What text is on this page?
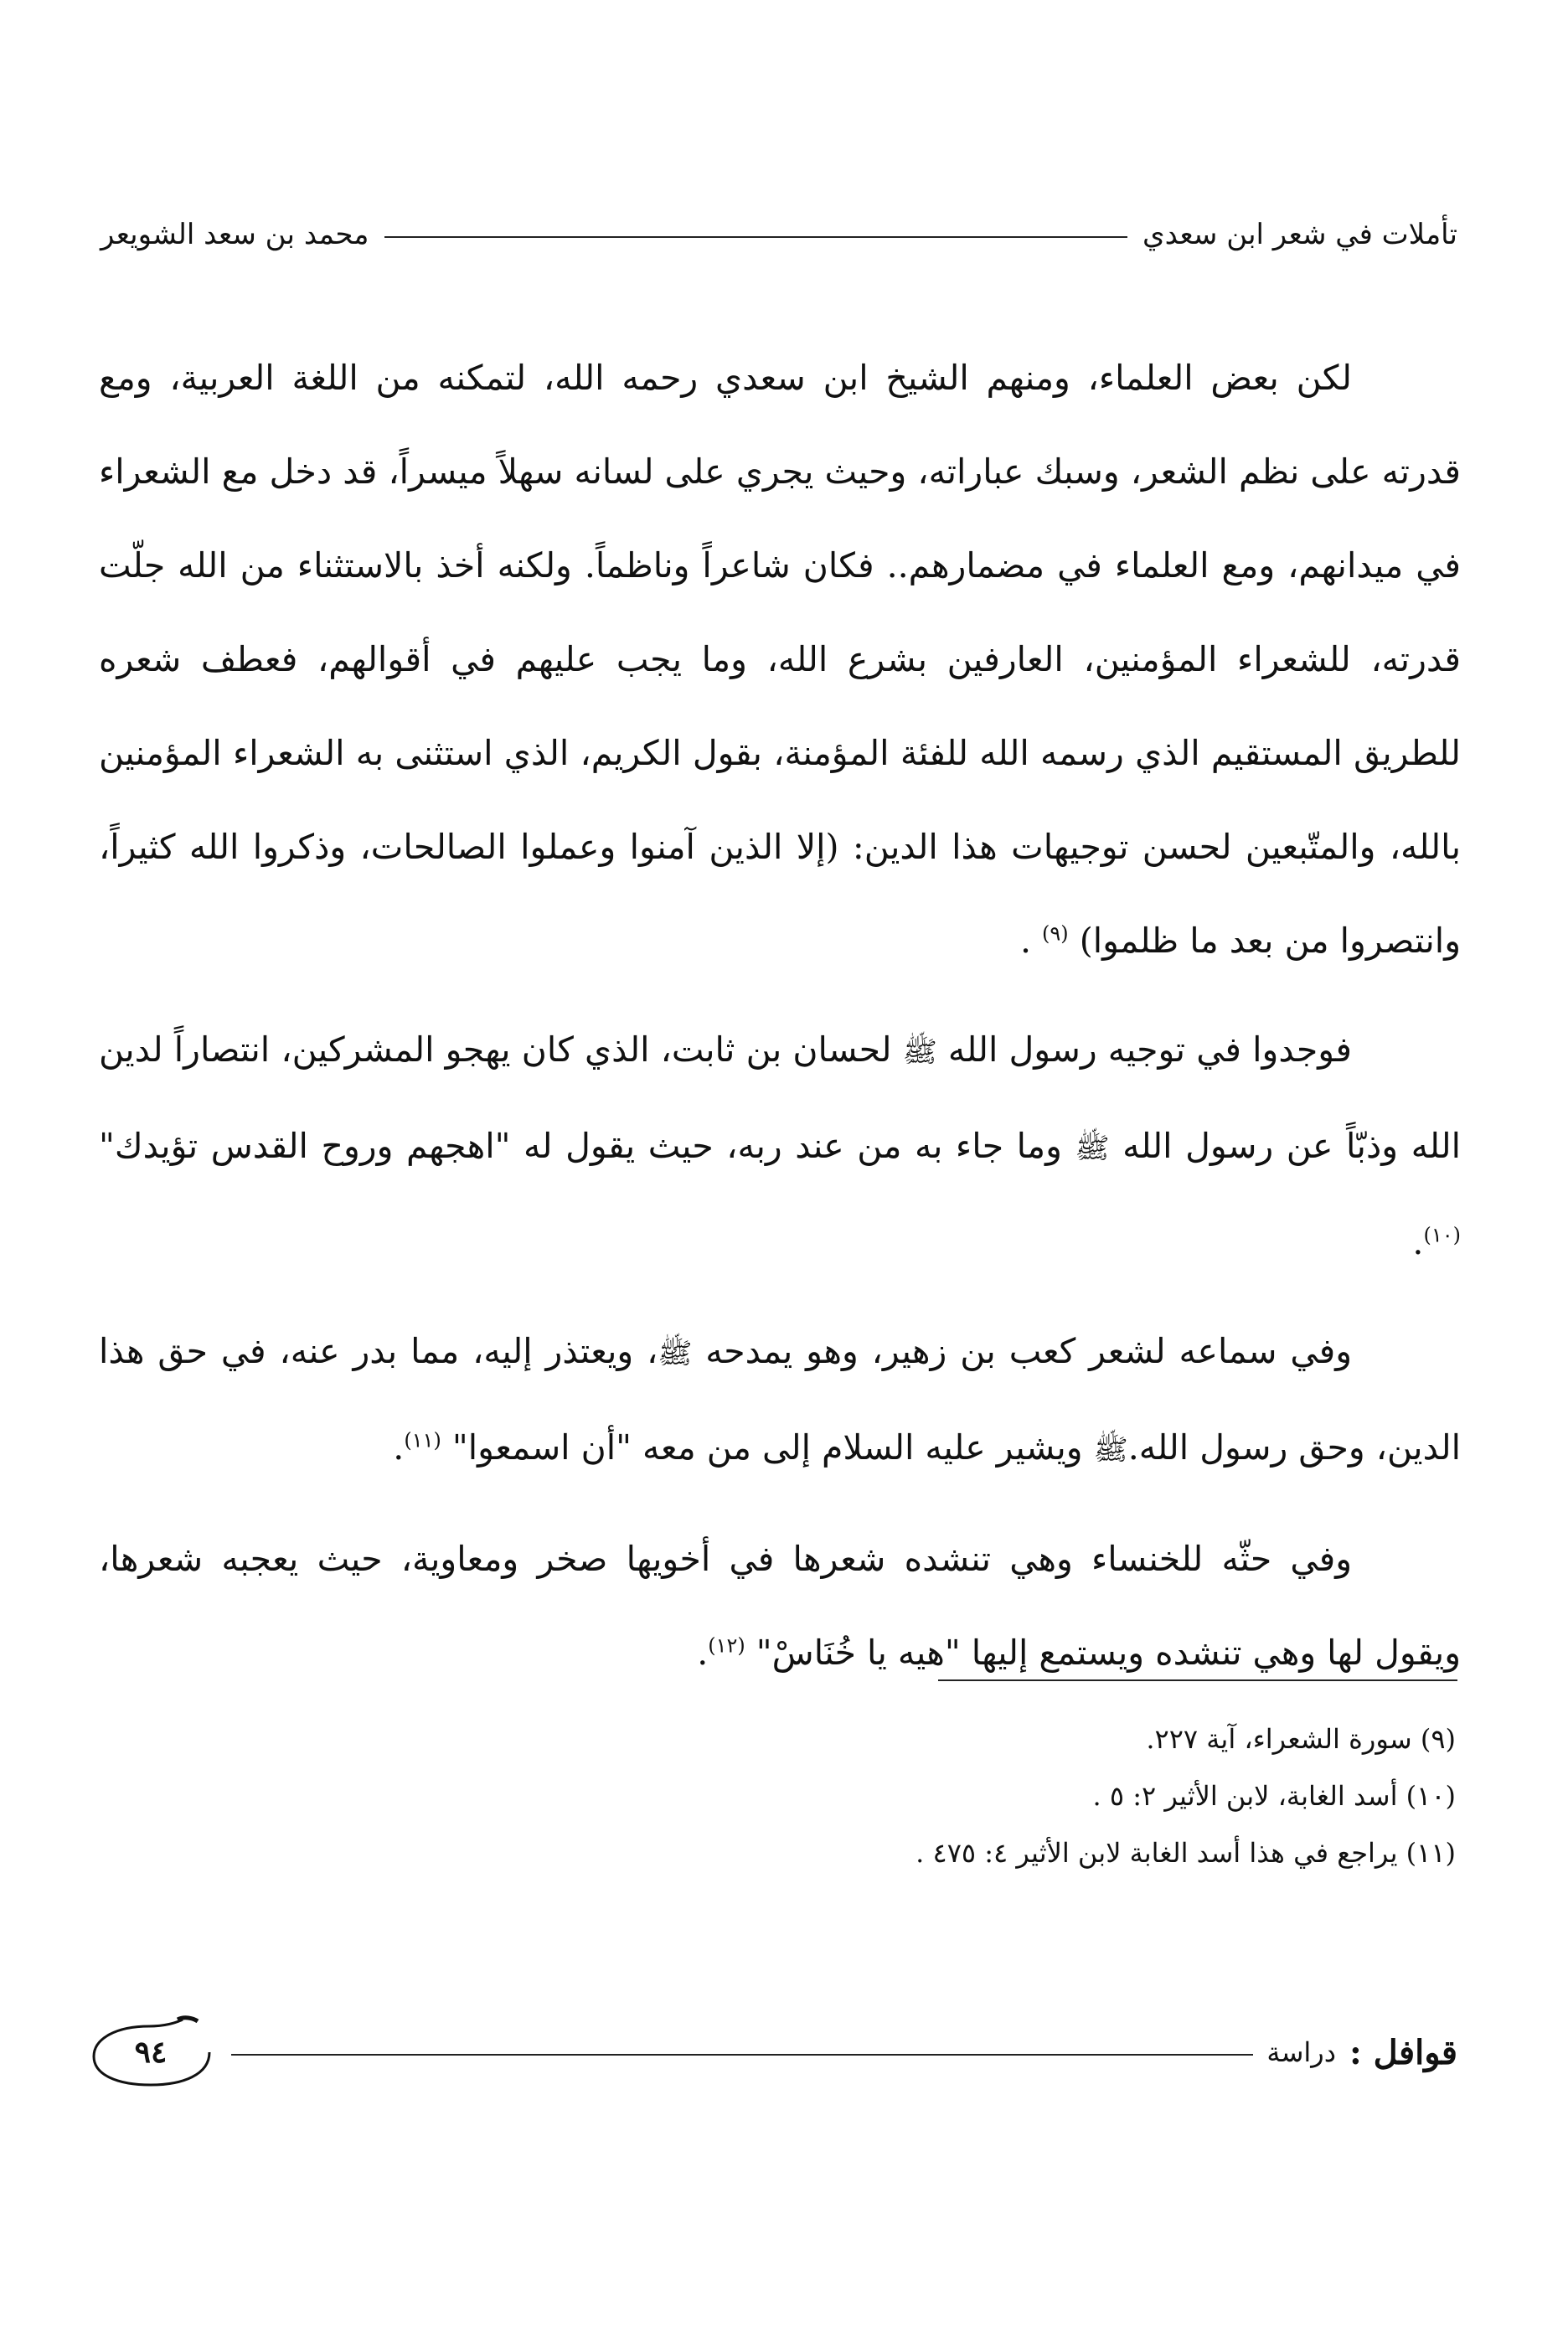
تأملات في شعر ابن سعدي
محمد بن سعد الشويعر

لكن بعض العلماء، ومنهم الشيخ ابن سعدي رحمه الله، لتمكنه من اللغة العربية، ومع قدرته على نظم الشعر، وسبك عباراته، وحيث يجري على لسانه سهلاً ميسراً، قد دخل مع الشعراء في ميدانهم، ومع العلماء في مضمارهم.. فكان شاعراً وناظماً. ولكنه أخذ بالاستثناء من الله جلّت قدرته، للشعراء المؤمنين، العارفين بشرع الله، وما يجب عليهم في أقوالهم، فعطف شعره للطريق المستقيم الذي رسمه الله للفئة المؤمنة، بقول الكريم، الذي استثنى به الشعراء المؤمنين بالله، والمتّبعين لحسن توجيهات هذا الدين: (إلا الذين آمنوا وعملوا الصالحات، وذكروا الله كثيراً، وانتصروا من بعد ما ظلموا) $^{(٩)}$ .

فوجدوا في توجيه رسول الله ﷺ لحسان بن ثابت، الذي كان يهجو المشركين، انتصاراً لدين الله وذبّاً عن رسول الله ﷺ وما جاء به من عند ربه، حيث يقول له "اهجهم وروح القدس تؤيدك" $^{(١٠)}$.

وفي سماعه لشعر كعب بن زهير، وهو يمدحه ﷺ، ويعتذر إليه، مما بدر عنه، في حق هذا الدين، وحق رسول الله.ﷺ ويشير عليه السلام إلى من معه "أن اسمعوا" $^{(١١)}$.

وفي حثّه للخنساء وهي تنشده شعرها في أخويها صخر ومعاوية، حيث يعجبه شعرها، ويقول لها وهي تنشده ويستمع إليها "هيه يا خُنَاسْ" $^{(١٢)}$.

(٩) سورة الشعراء، آية ٢٢٧.

(١٠) أسد الغابة، لابن الأثير ٢: ٥ .

(١١) يراجع في هذا أسد الغابة لابن الأثير ٤: ٤٧٥ .

قوافل :
دراسة
٩٤
